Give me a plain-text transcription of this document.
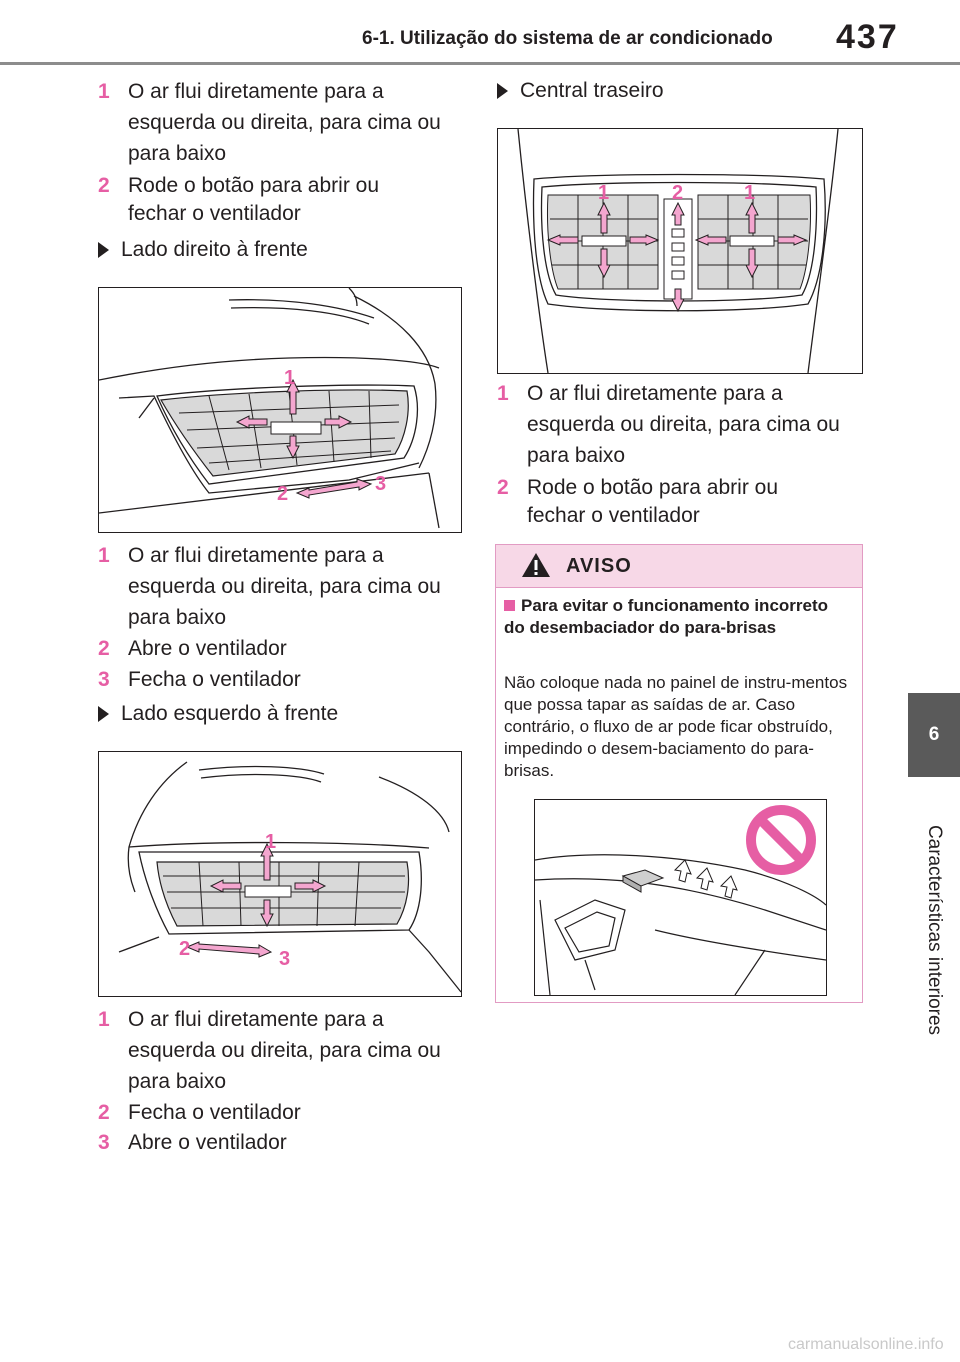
6-1. Utilização do sistema de ar condicionado 437
6
Características interiores
1 O ar flui diretamente para a esquerda ou direita, para cima ou para baixo
2 Rode o botão para abrir ou fechar o ventilador
Lado direito à frente
1
2	3
1 O ar flui diretamente para a esquerda ou direita, para cima ou para baixo
2 Abre o ventilador
3 Fecha o ventilador
Lado esquerdo à frente
1
2	3
1 O ar flui diretamente para a esquerda ou direita, para cima ou para baixo
2 Fecha o ventilador
3 Abre o ventilador
Central traseiro
1	2	1
1 O ar flui diretamente para a esquerda ou direita, para cima ou para baixo
2 Rode o botão para abrir ou fechar o ventilador
AVISO
Para evitar o funcionamento incorreto do desembaciador do para-brisas
Não coloque nada no painel de instru-mentos que possa tapar as saídas de ar. Caso contrário, o fluxo de ar pode ficar obstruído, impedindo o desem-baciamento do para-brisas.
carmanualsonline.info
